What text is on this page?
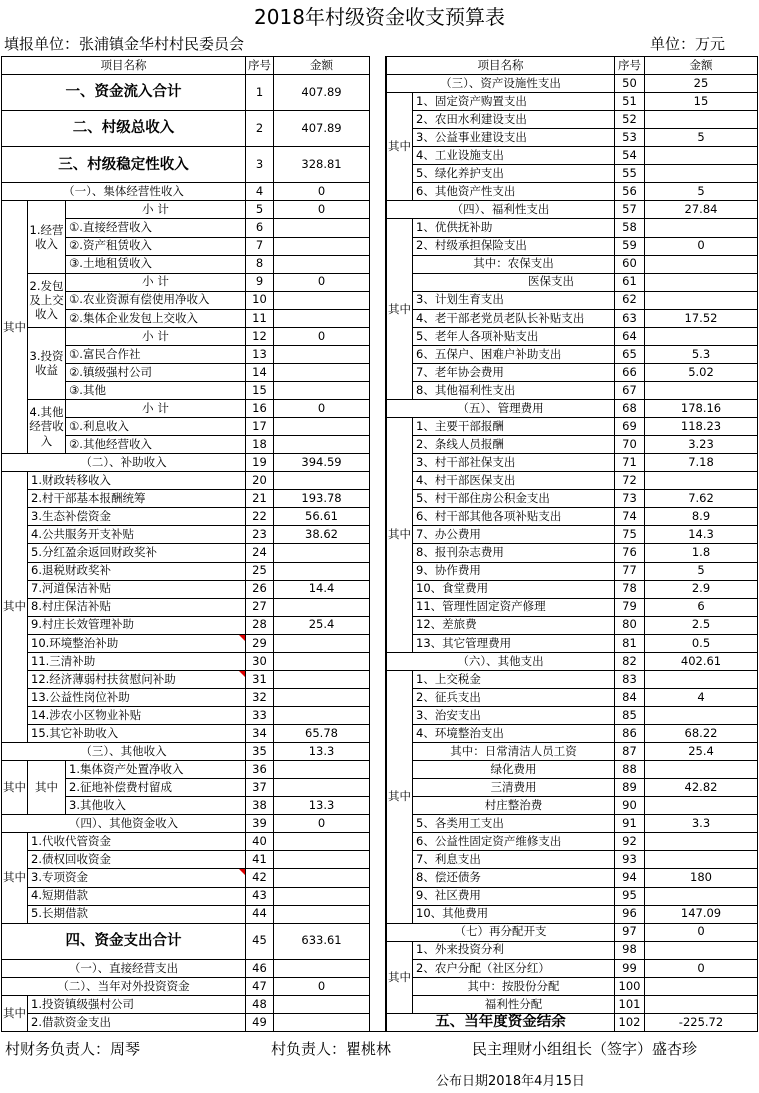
2018年村级资金收支预算表
填报单位：张浦镇金华村村民委员会	单位：万元
项目名称	序号	金额
一、资金流入合计	1	407.89
二、村级总收入	2	407.89
三、村级稳定性收入	3	328.81
（一）、集体经营性收入	4	0
其中
1.经营收入
小 计	5	0
①.直接经营收入	6
②.资产租赁收入	7
③.土地租赁收入	8
2.发包及上交收入
小 计	9	0
①.农业资源有偿使用净收入	10
②.集体企业发包上交收入	11
3.投资收益
小 计	12	0
①.富民合作社	13
②.镇级强村公司	14
③.其他	15
4.其他经营收入
小 计	16	0
①.利息收入	17
②.其他经营收入	18
（二）、补助收入	19	394.59
其中
1.财政转移收入	20
2.村干部基本报酬统筹	21	193.78
3.生态补偿资金	22	56.61
4.公共服务开支补贴	23	38.62
5.分红盈余返回财政奖补	24
6.退税财政奖补	25
7.河道保洁补贴	26	14.4
8.村庄保洁补贴	27
9.村庄长效管理补助	28	25.4
10.环境整治补助	29
11.三清补助	30
12.经济薄弱村扶贫慰问补助	31
13.公益性岗位补助	32
14.涉农小区物业补贴	33
15.其它补助收入	34	65.78
（三）、其他收入	35	13.3
其中 其中
1.集体资产处置净收入	36
2.征地补偿费村留成	37
3.其他收入	38	13.3
（四）、其他资金收入	39	0
其中
1.代收代管资金	40
2.债权回收资金	41
3.专项资金	42
4.短期借款	43
5.长期借款	44
四、资金支出合计	45	633.61
（一）、直接经营支出	46
（二）、当年对外投资资金	47	0
其中
1.投资镇级强村公司	48
2.借款资金支出	49
项目名称	序号	金额
（三）、资产设施性支出	50	25
其中
1、固定资产购置支出	51	15
2、农田水利建设支出	52
3、公益事业建设支出	53	5
4、工业设施支出	54
5、绿化养护支出	55
6、其他资产性支出	56	5
（四）、福利性支出	57	27.84
其中
1、优供抚补助	58
2、村级承担保险支出	59	0
其中：农保支出	60
医保支出	61
3、计划生育支出	62
4、老干部老党员老队长补贴支出	63	17.52
5、老年人各项补贴支出	64
6、五保户、困难户补助支出	65	5.3
7、老年协会费用	66	5.02
8、其他福利性支出	67
（五）、管理费用	68	178.16
其中
1、主要干部报酬	69	118.23
2、条线人员报酬	70	3.23
3、村干部社保支出	71	7.18
4、村干部医保支出	72
5、村干部住房公积金支出	73	7.62
6、村干部其他各项补贴支出	74	8.9
7、办公费用	75	14.3
8、报刊杂志费用	76	1.8
9、协作费用	77	5
10、食堂费用	78	2.9
11、管理性固定资产修理	79	6
12、差旅费	80	2.5
13、其它管理费用	81	0.5
（六）、其他支出	82	402.61
其中
1、上交税金	83
2、征兵支出	84	4
3、治安支出	85
4、环境整治支出	86	68.22
其中：日常清洁人员工资	87	25.4
绿化费用	88
三清费用	89	42.82
村庄整治费	90
5、各类用工支出	91	3.3
6、公益性固定资产维修支出	92
7、利息支出	93
8、偿还债务	94	180
9、社区费用	95
10、其他费用	96	147.09
（七）再分配开支	97	0
其中
1、外来投资分利	98
2、农户分配（社区分红）	99	0
其中：按股份分配	100
福利性分配	101
五、当年度资金结余	102	-225.72
村财务负责人：周琴	村负责人：瞿桃林	民主理财小组组长（签字）盛杏珍
公布日期2018年4月15日
